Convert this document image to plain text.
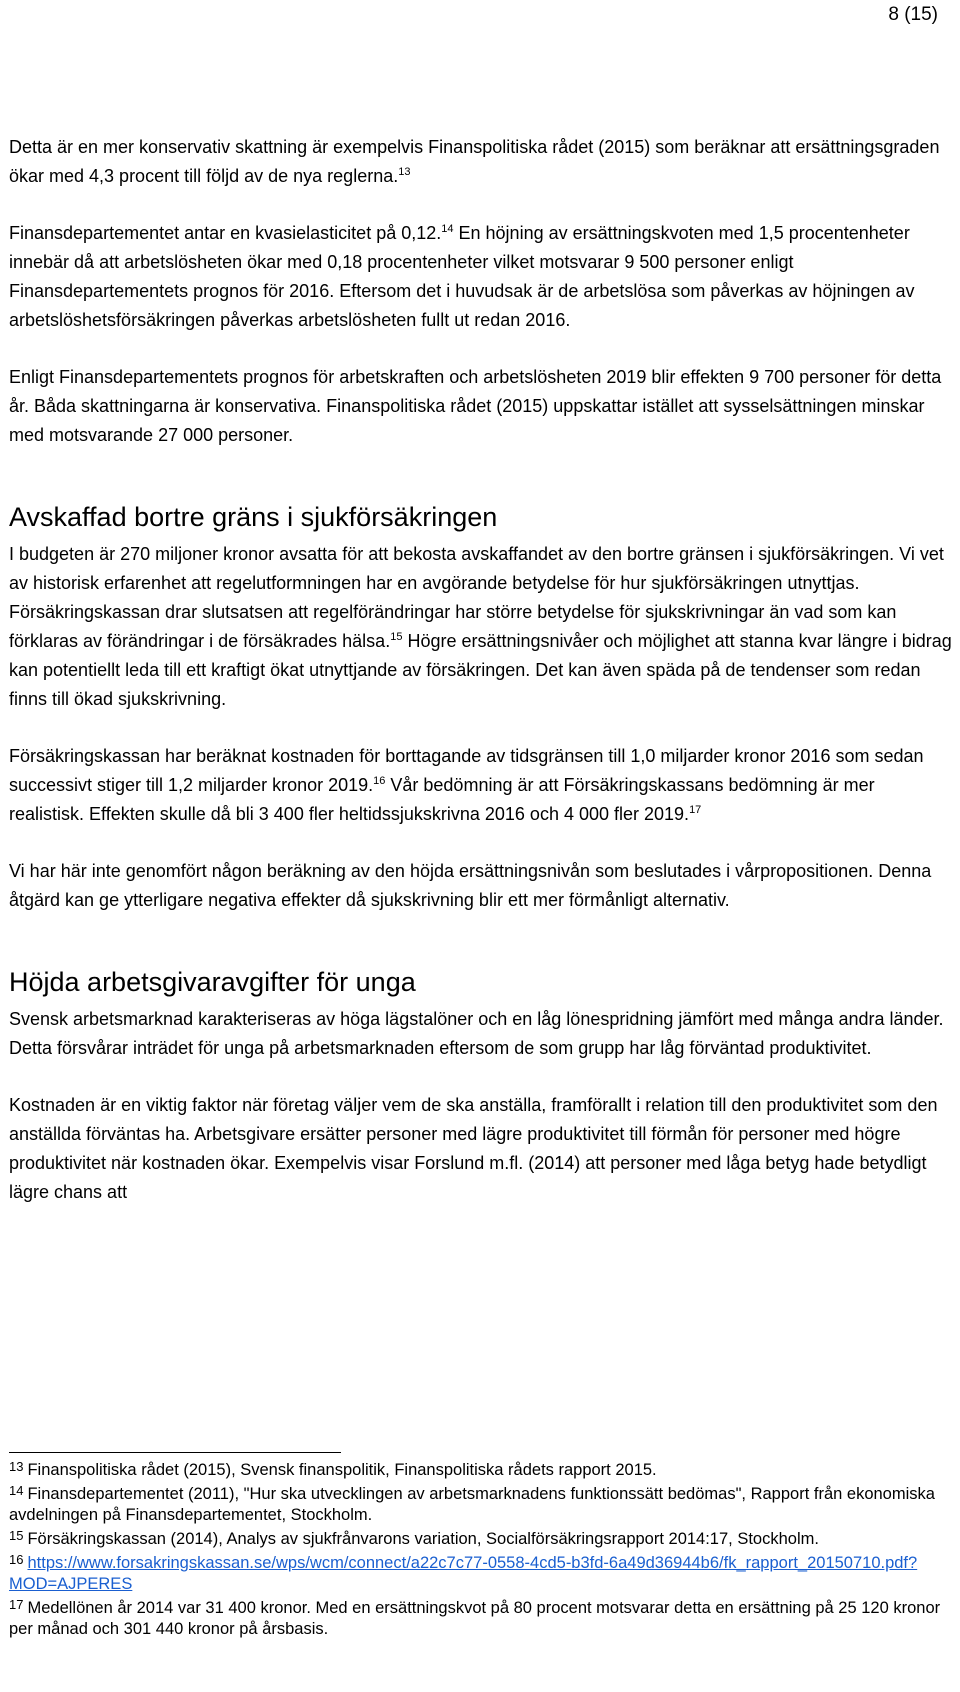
8 (15)

Detta är en mer konservativ skattning är exempelvis Finanspolitiska rådet (2015) som beräknar att ersättningsgraden ökar med 4,3 procent till följd av de nya reglerna.$^{13}$

Finansdepartementet antar en kvasielasticitet på 0,12.14 En höjning av ersättningskvoten med 1,5 procentenheter innebär då att arbetslösheten ökar med 0,18 procentenheter vilket motsvarar 9 500 personer enligt Finansdepartementets prognos för 2016. Eftersom det i huvudsak är de arbetslösa som påverkas av höjningen av arbetslöshetsförsäkringen påverkas arbetslösheten fullt ut redan 2016.

Enligt Finansdepartementets prognos för arbetskraften och arbetslösheten 2019 blir effekten 9 700 personer för detta år. Båda skattningarna är konservativa. Finanspolitiska rådet (2015) uppskattar istället att sysselsättningen minskar med motsvarande 27 000 personer.

Avskaffad bortre gräns i sjukförsäkringen

I budgeten är 270 miljoner kronor avsatta för att bekosta avskaffandet av den bortre gränsen i sjukförsäkringen. Vi vet av historisk erfarenhet att regelutformningen har en avgörande betydelse för hur sjukförsäkringen utnyttjas. Försäkringskassan drar slutsatsen att regelförändringar har större betydelse för sjukskrivningar än vad som kan förklaras av förändringar i de försäkrades hälsa.$^{15}$ Högre ersättningsnivåer och möjlighet att stanna kvar längre i bidrag kan potentiellt leda till ett kraftigt ökat utnyttjande av försäkringen. Det kan även späda på de tendenser som redan finns till ökad sjukskrivning.

Försäkringskassan har beräknat kostnaden för borttagande av tidsgränsen till 1,0 miljarder kronor 2016 som sedan successivt stiger till 1,2 miljarder kronor 2019.16 Vår bedömning är att Försäkringskassans bedömning är mer realistisk. Effekten skulle då bli 3 400 fler heltidssjukskrivna 2016 och 4 000 fler 2019.17

Vi har här inte genomfört någon beräkning av den höjda ersättningsnivån som beslutades i vårpropositionen. Denna åtgärd kan ge ytterligare negativa effekter då sjukskrivning blir ett mer förmånligt alternativ.

Höjda arbetsgivaravgifter för unga

Svensk arbetsmarknad karakteriseras av höga lägstalöner och en låg lönespridning jämfört med många andra länder. Detta försvårar inträdet för unga på arbetsmarknaden eftersom de som grupp har låg förväntad produktivitet.

Kostnaden är en viktig faktor när företag väljer vem de ska anställa, framförallt i relation till den produktivitet som den anställda förväntas ha. Arbetsgivare ersätter personer med lägre produktivitet till förmån för personer med högre produktivitet när kostnaden ökar. Exempelvis visar Forslund m.fl. (2014) att personer med låga betyg hade betydligt lägre chans att

$^{13}$ Finanspolitiska rådet (2015), Svensk finanspolitik, Finanspolitiska rådets rapport 2015.
$^{14}$ Finansdepartementet (2011), "Hur ska utvecklingen av arbetsmarknadens funktionssätt bedömas", Rapport från ekonomiska avdelningen på Finansdepartementet, Stockholm.
$^{15}$ Försäkringskassan (2014), Analys av sjukfrånvarons variation, Socialförsäkringsrapport 2014:17, Stockholm.
$^{16}$ https://www.forsakringskassan.se/wps/wcm/connect/a22c7c77-0558-4cd5-b3fd-6a49d36944b6/fk_rapport_20150710.pdf?MOD=AJPERES
$^{17}$ Medellönen år 2014 var 31 400 kronor. Med en ersättningskvot på 80 procent motsvarar detta en ersättning på 25 120 kronor per månad och 301 440 kronor på årsbasis.
